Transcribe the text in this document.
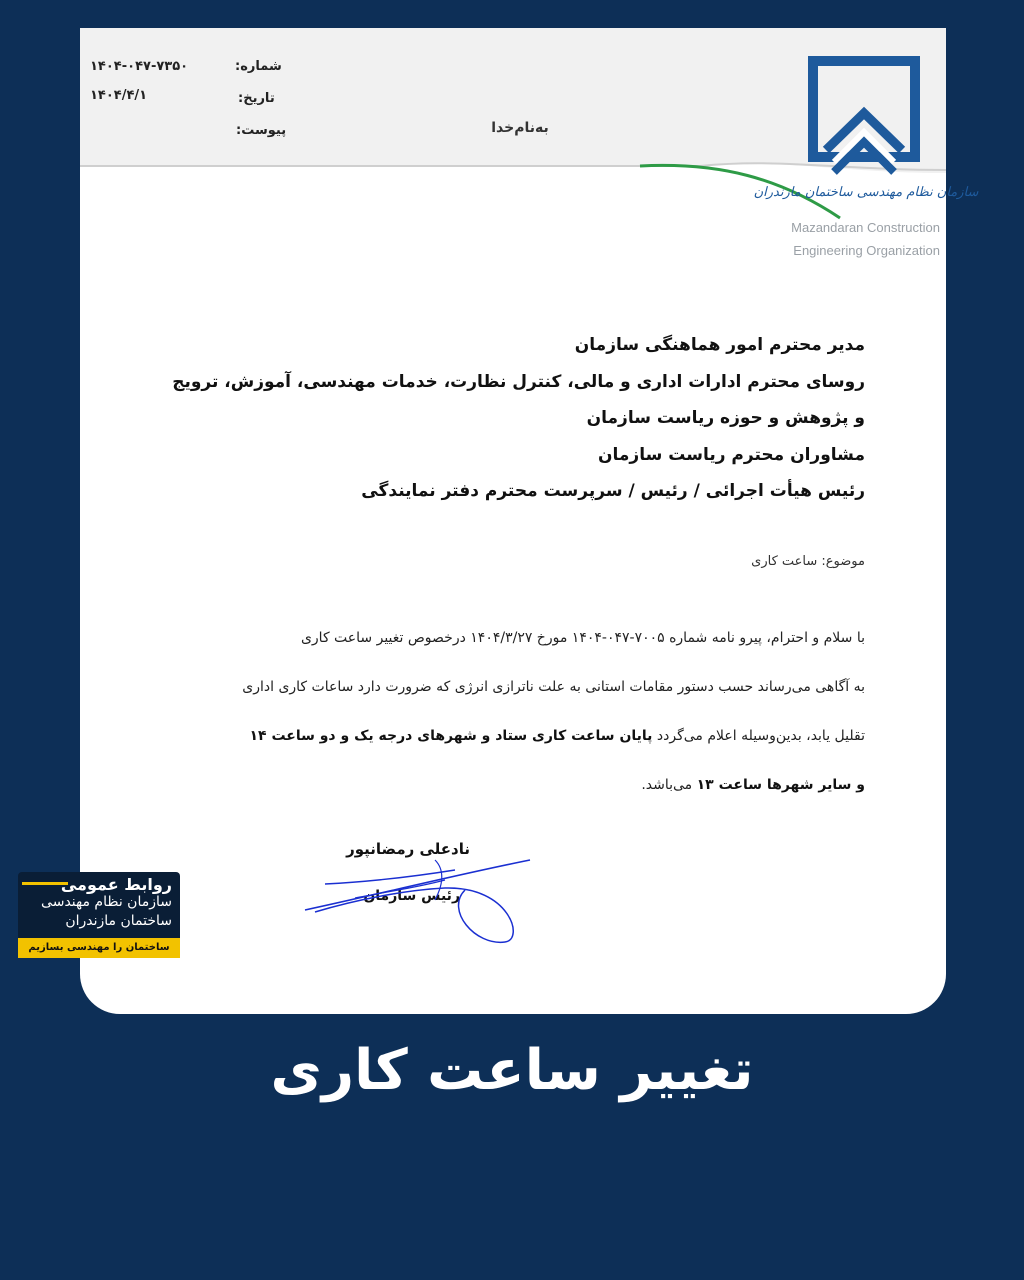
شماره:
۱۴۰۴-۰۴۷-۷۳۵۰
تاریخ:
۱۴۰۴/۴/۱
پیوست:	به‌نام‌خدا
سازمان نظام مهندسی ساختمان مازندران
Mazandaran Construction
Engineering Organization
مدیر محترم امور هماهنگی سازمان
روسای محترم ادارات اداری و مالی، کنترل نظارت، خدمات مهندسی، آموزش، ترویج
و پژوهش و حوزه ریاست سازمان
مشاوران محترم ریاست سازمان
رئیس هیأت اجرائی / رئیس / سرپرست محترم دفتر نمایندگی
موضوع: ساعت کاری

با سلام و احترام، پیرو نامه شماره ۷۰۰۵-۰۴۷-۱۴۰۴ مورخ ۱۴۰۴/۳/۲۷ درخصوص تغییر ساعت کاری

به آگاهی می‌رساند حسب دستور مقامات استانی به علت ناترازی انرژی که ضرورت دارد ساعات کاری اداری

تقلیل یابد، بدین‌وسیله اعلام می‌گردد پایان ساعت کاری ستاد و شهرهای درجه یک و دو ساعت ۱۴

و سایر شهرها ساعت ۱۳ می‌باشد.

نادعلی رمضانپور
رئیس سازمان
روابط عمومی
سازمان نظام مهندسی
ساختمان مازندران
ساختمان را مهندسی بسازیم
تغییر ساعت کاری
